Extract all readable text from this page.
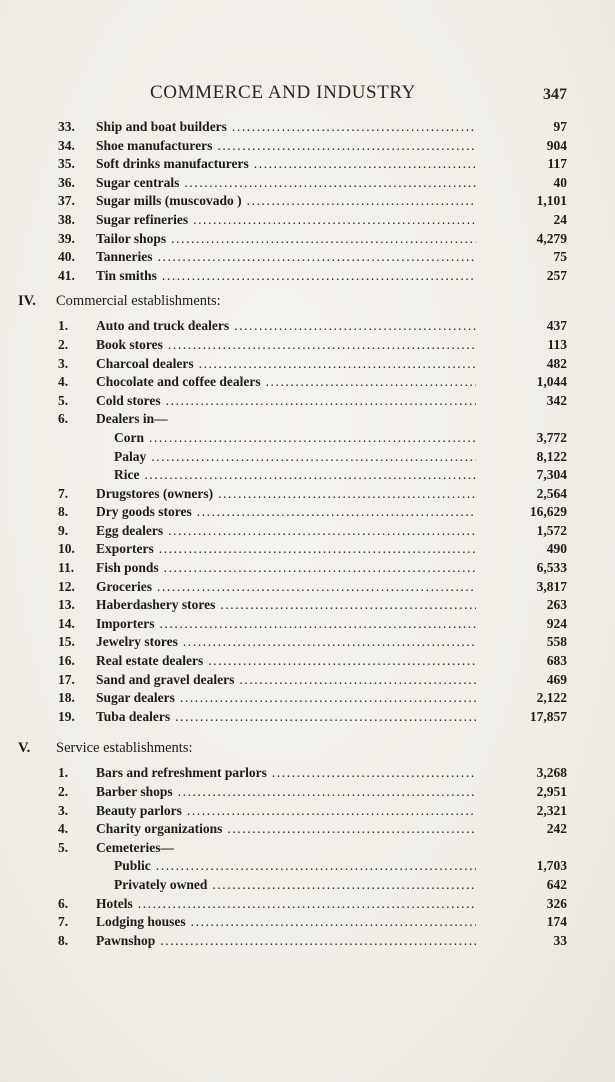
COMMERCE AND INDUSTRY	347
33.	Ship and boat builders .....	97
34.	Shoe manufacturers .....	904
35.	Soft drinks manufacturers .....	117
36.	Sugar centrals .....	40
37.	Sugar mills (muscovado ) .....	1,101
38.	Sugar refineries .....	24
39.	Tailor shops .....	4,279
40.	Tanneries .....	75
41.	Tin smiths .....	257
IV. Commercial establishments:
1.	Auto and truck dealers .....	437
2.	Book stores .....	113
3.	Charcoal dealers .....	482
4.	Chocolate and coffee dealers .....	1,044
5.	Cold stores .....	342
6.	Dealers in—
Corn .....	3,772
Palay .....	8,122
Rice .....	7,304
7.	Drugstores (owners) .....	2,564
8.	Dry goods stores .....	16,629
9.	Egg dealers .....	1,572
10.	Exporters .....	490
11.	Fish ponds .....	6,533
12.	Groceries .....	3,817
13.	Haberdashery stores .....	263
14.	Importers .....	924
15.	Jewelry stores .....	558
16.	Real estate dealers .....	683
17.	Sand and gravel dealers .....	469
18.	Sugar dealers .....	2,122
19.	Tuba dealers .....	17,857
V. Service establishments:
1.	Bars and refreshment parlors .....	3,268
2.	Barber shops .....	2,951
3.	Beauty parlors .....	2,321
4.	Charity organizations .....	242
5.	Cemeteries—
Public .....	1,703
Privately owned .....	642
6.	Hotels .....	326
7.	Lodging houses .....	174
8.	Pawnshop .....	33
